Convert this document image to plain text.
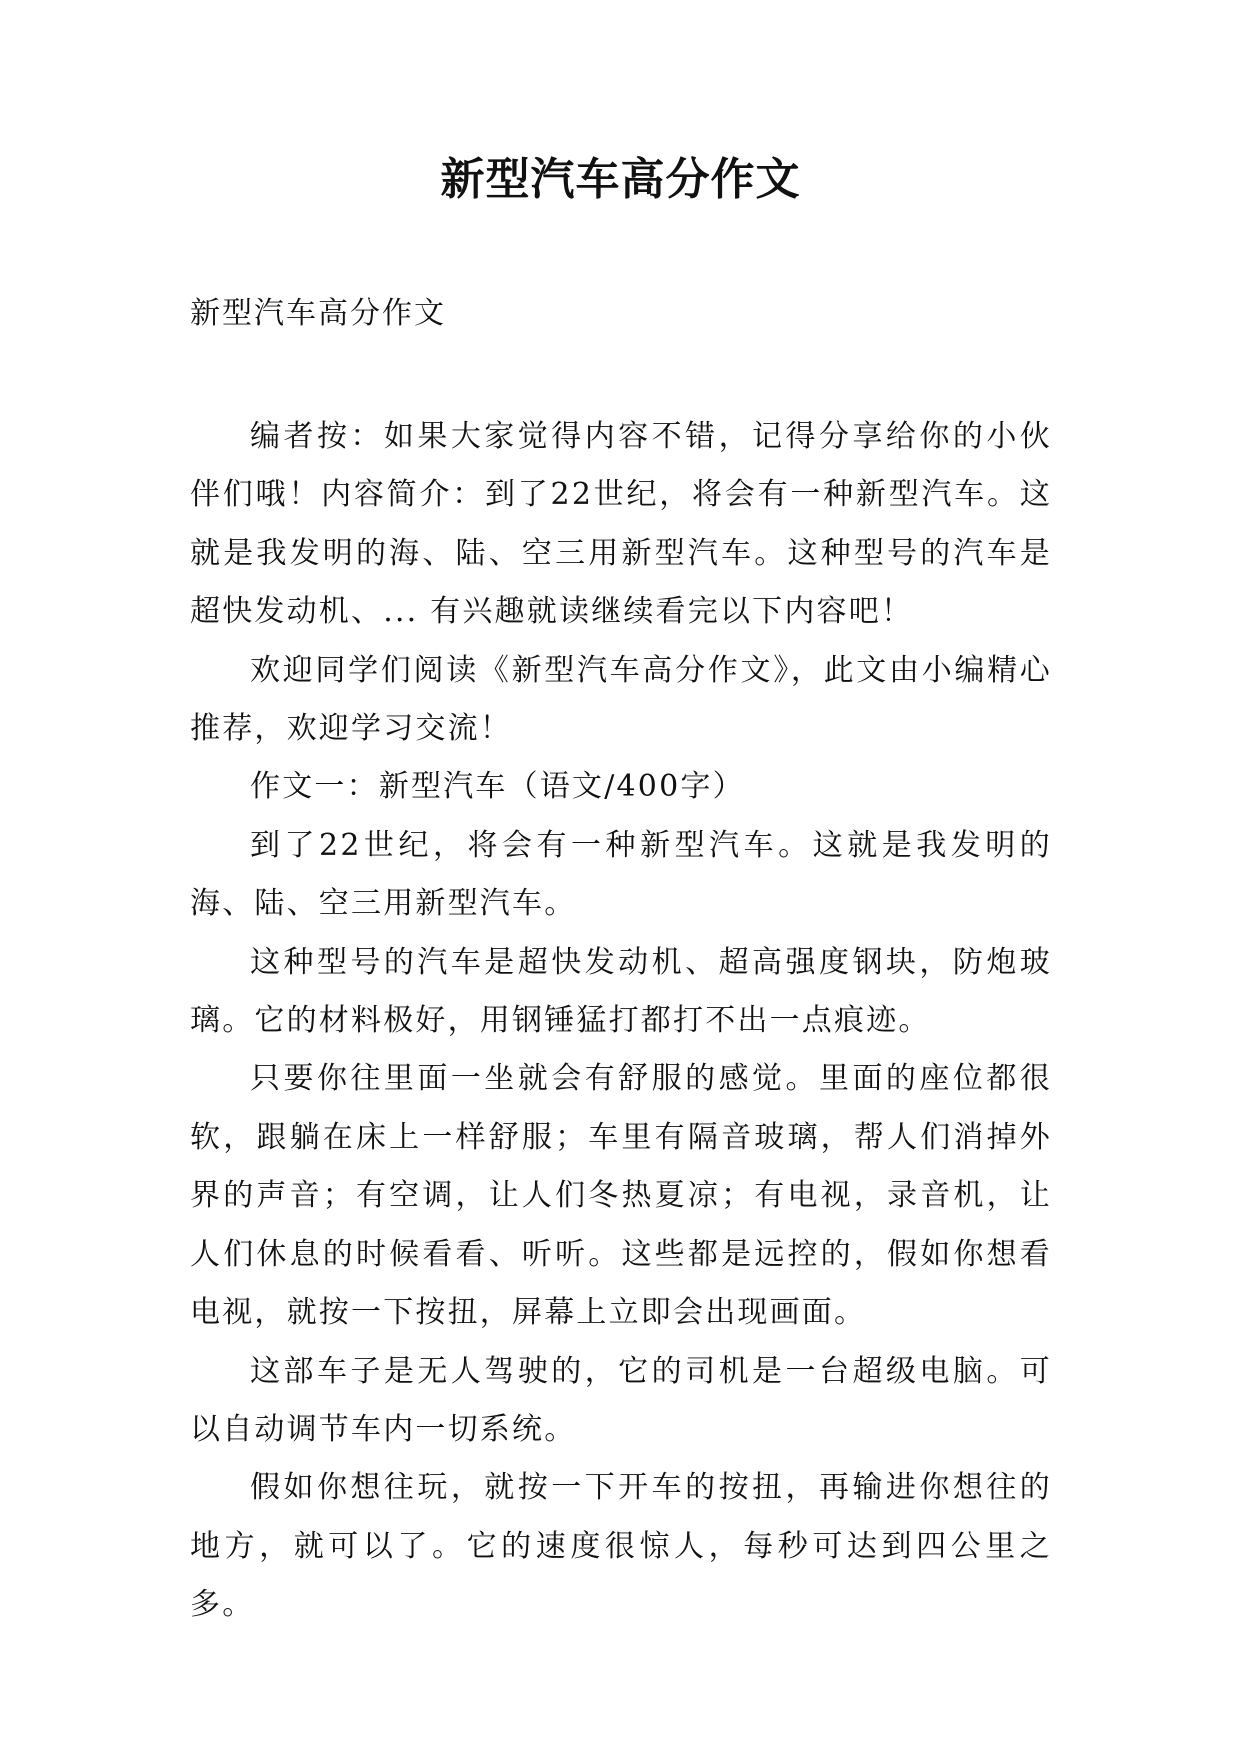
新型汽车高分作文
新型汽车高分作文

编者按：如果大家觉得内容不错，记得分享给你的小伙伴们哦！内容简介：到了22世纪，将会有一种新型汽车。这就是我发明的海、陆、空三用新型汽车。这种型号的汽车是超快发动机、... 有兴趣就读继续看完以下内容吧！

欢迎同学们阅读《新型汽车高分作文》，此文由小编精心推荐，欢迎学习交流！

作文一：新型汽车（语文/400字）

到了22世纪，将会有一种新型汽车。这就是我发明的海、陆、空三用新型汽车。

这种型号的汽车是超快发动机、超高强度钢块，防炮玻璃。它的材料极好，用钢锤猛打都打不出一点痕迹。

只要你往里面一坐就会有舒服的感觉。里面的座位都很软，跟躺在床上一样舒服；车里有隔音玻璃，帮人们消掉外界的声音；有空调，让人们冬热夏凉；有电视，录音机，让人们休息的时候看看、听听。这些都是远控的，假如你想看电视，就按一下按扭，屏幕上立即会出现画面。

这部车子是无人驾驶的，它的司机是一台超级电脑。可以自动调节车内一切系统。

假如你想往玩，就按一下开车的按扭，再输进你想往的地方，就可以了。它的速度很惊人，每秒可达到四公里之多。
